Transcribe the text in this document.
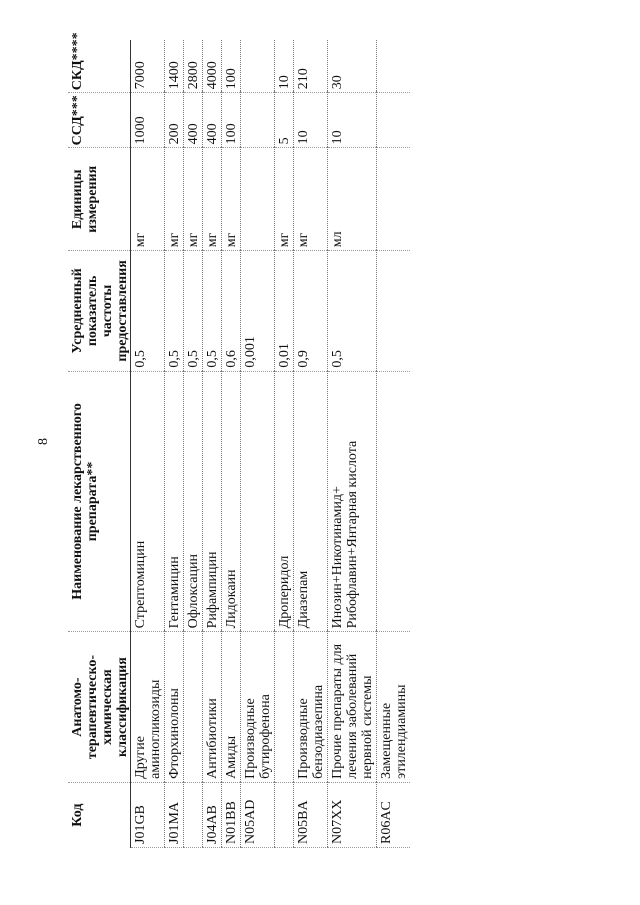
8
Код	Анатомо-терапевтическо-химическая классификация	Наименование лекарственного препарата**	Усредненный показатель частоты предоставления	Единицы измерения	ССД***	СКД****
J01GB	Другие аминогликозиды	Стрептомицин	0,5	мг	1000	7000
J01MA	Фторхинолоны	Гентамицин	0,5	мг	200	1400
		Офлоксацин	0,5	мг	400	2800
J04AB	Антибиотики	Рифампицин	0,5	мг	400	4000
N01BB	Амиды	Лидокаин	0,6	мг	100	100
N05AD	Производные бутирофенона		0,001			
		Дроперидол	0,01	мг	5	10
N05BA	Производные бензодиазепина	Диазепам	0,9	мг	10	210
N07XX	Прочие препараты для лечения заболеваний нервной системы	Инозин+Никотинамид+ Рибофлавин+Янтарная кислота	0,5	мл	10	30
R06AC	Замещенные этилендиамины					
